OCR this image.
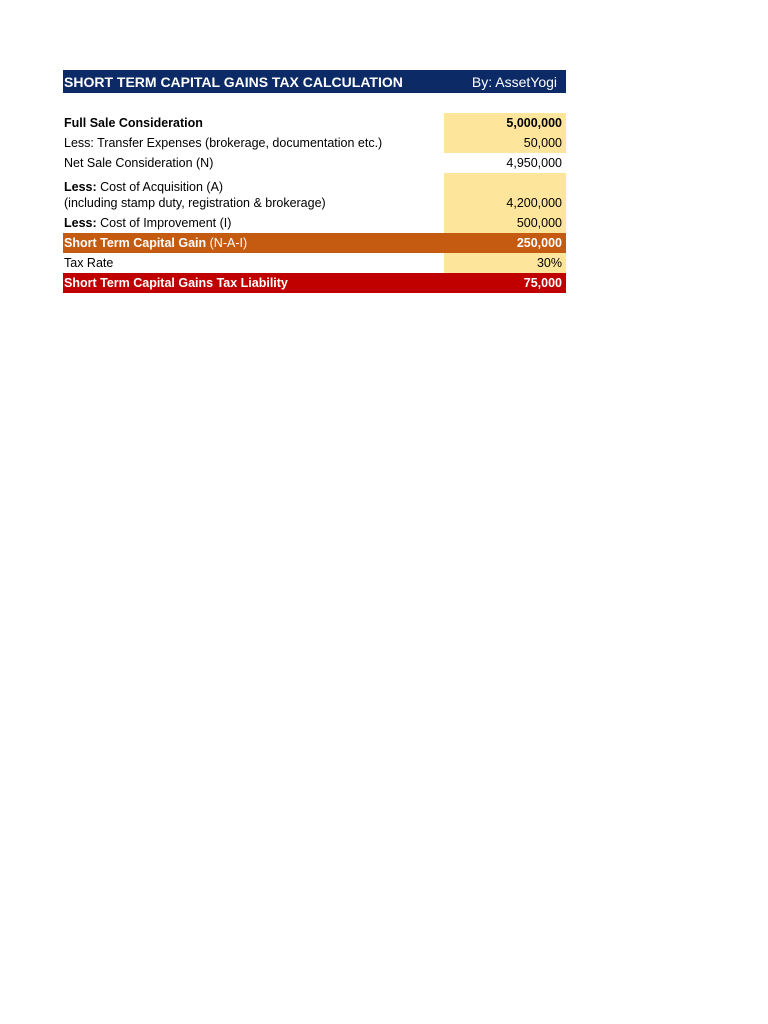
SHORT TERM CAPITAL GAINS TAX CALCULATION	By: AssetYogi
Full Sale Consideration	5,000,000
Less: Transfer Expenses (brokerage, documentation etc.)	50,000
Net Sale Consideration (N)	4,950,000
Less: Cost of Acquisition (A)
(including stamp duty, registration & brokerage)	4,200,000
Less: Cost of Improvement (I)	500,000
Short Term Capital Gain (N-A-I)	250,000
Tax Rate	30%
Short Term Capital Gains Tax Liability	75,000
